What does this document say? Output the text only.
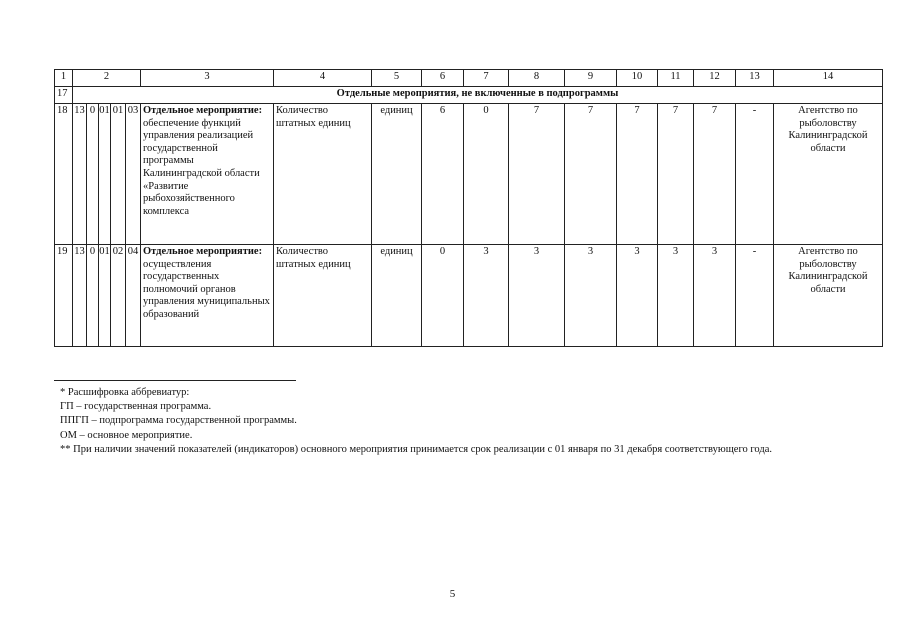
1	2					3	4	5	6	7	8	9	10	11	12	13	14
17	Отдельные мероприятия, не включенные в подпрограммы																
18	13	0	01	01	03	Отдельное мероприятие: обеспечение функций управления реализацией государственной программы Калининградской области «Развитие рыбохозяйственного комплекса	Количество штатных единиц	единиц	6	0	7	7	7	7	7	-	Агентство по рыболовству Калининградской области
19	13	0	01	02	04	Отдельное мероприятие: осуществления государственных полномочий органов управления муниципальных образований	Количество штатных единиц	единиц	0	3	3	3	3	3	3	-	Агентство по рыболовству Калининградской области
* Расшифровка аббревиатур:
ГП – государственная программа.
ППГП – подпрограмма государственной программы.
ОМ – основное мероприятие.
** При наличии значений показателей (индикаторов) основного мероприятия принимается срок реализации с 01 января по 31 декабря соответствующего года.
5
